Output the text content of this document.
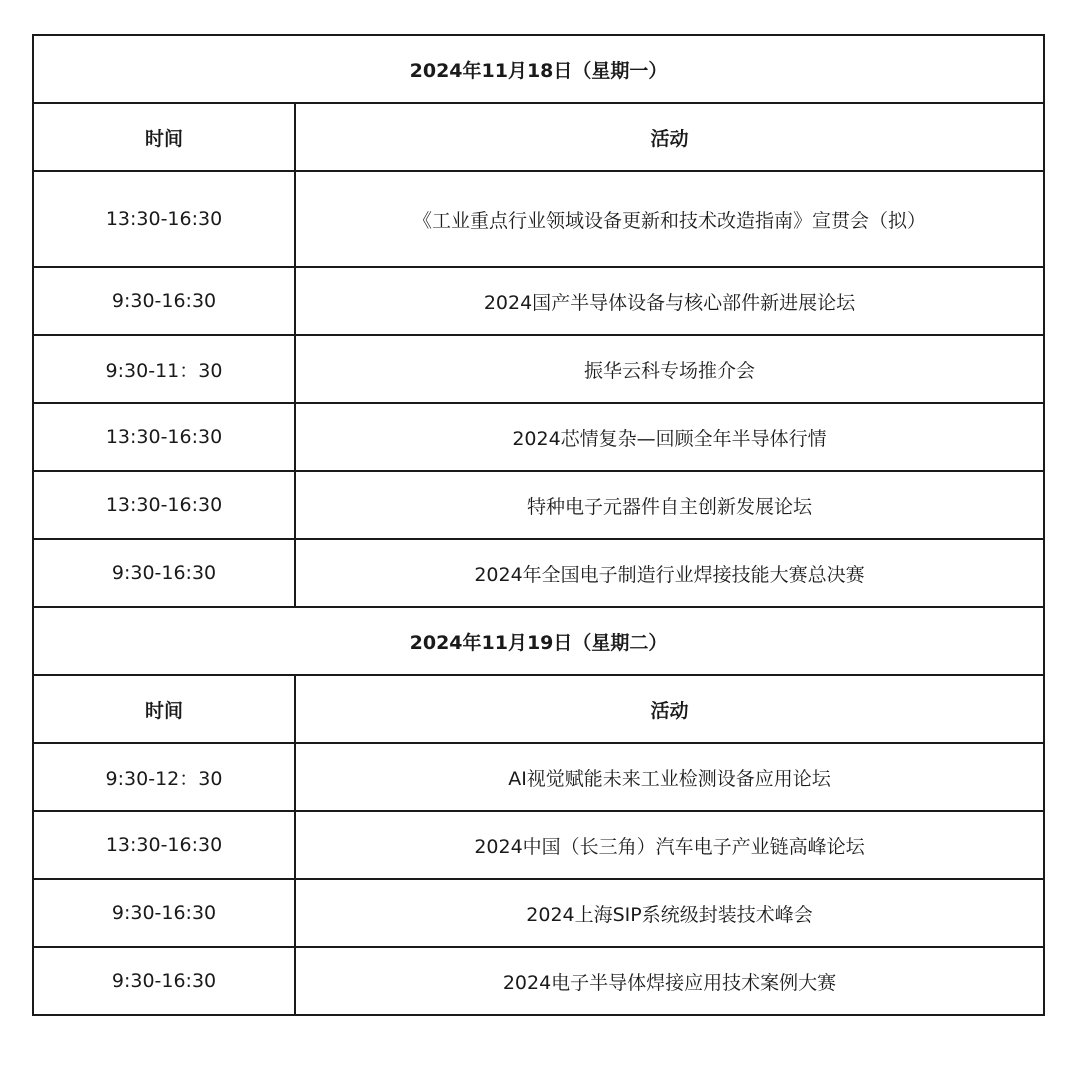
2024年11月18日（星期一）	
时间	活动
13:30-16:30	《工业重点行业领域设备更新和技术改造指南》宣贯会（拟）
9:30-16:30	2024国产半导体设备与核心部件新进展论坛
9:30-11：30	振华云科专场推介会
13:30-16:30	2024芯情复杂—回顾全年半导体行情
13:30-16:30	特种电子元器件自主创新发展论坛
9:30-16:30	2024年全国电子制造行业焊接技能大赛总决赛
2024年11月19日（星期二）	
时间	活动
9:30-12：30	AI视觉赋能未来工业检测设备应用论坛
13:30-16:30	2024中国（长三角）汽车电子产业链高峰论坛
9:30-16:30	2024上海SIP系统级封装技术峰会
9:30-16:30	2024电子半导体焊接应用技术案例大赛
